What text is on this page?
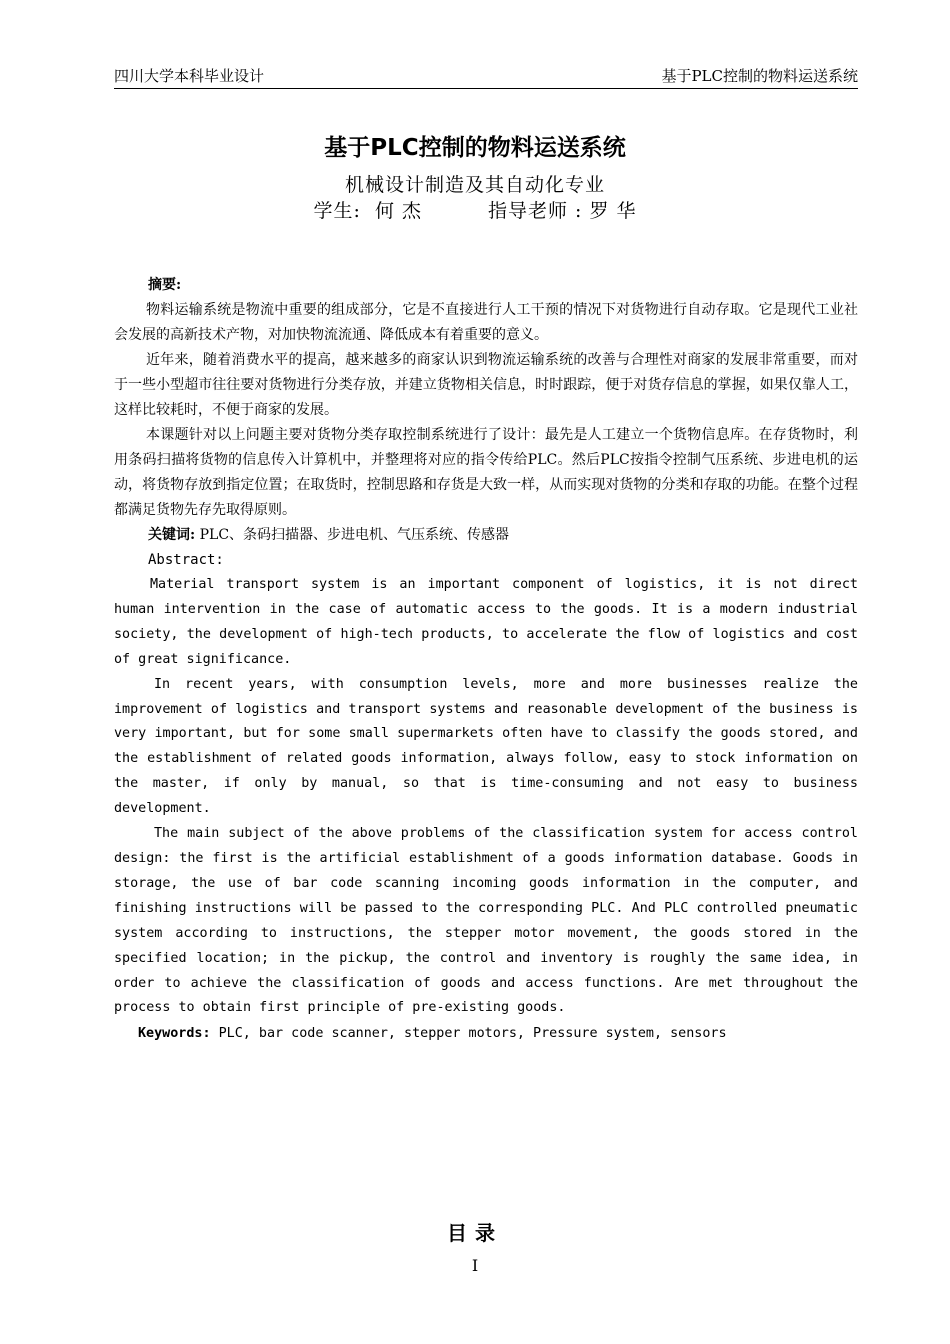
四川大学本科毕业设计	基于PLC控制的物料运送系统
基于PLC控制的物料运送系统
机械设计制造及其自动化专业
学生: 何 杰	指导老师 : 罗 华
摘要:

物料运输系统是物流中重要的组成部分，它是不直接进行人工干预的情况下对货物进行自动存取。它是现代工业社会发展的高新技术产物，对加快物流流通、降低成本有着重要的意义。

近年来，随着消费水平的提高，越来越多的商家认识到物流运输系统的改善与合理性对商家的发展非常重要，而对于一些小型超市往往要对货物进行分类存放，并建立货物相关信息，时时跟踪，便于对货存信息的掌握，如果仅靠人工，这样比较耗时，不便于商家的发展。

本课题针对以上问题主要对货物分类存取控制系统进行了设计：最先是人工建立一个货物信息库。在存货物时，利用条码扫描将货物的信息传入计算机中，并整理将对应的指令传给PLC。然后PLC按指令控制气压系统、步进电机的运动，将货物存放到指定位置；在取货时，控制思路和存货是大致一样，从而实现对货物的分类和存取的功能。在整个过程都满足货物先存先取得原则。

关键词: PLC、条码扫描器、步进电机、气压系统、传感器
Abstract:

Material transport system is an important component of logistics, it is not direct human intervention in the case of automatic access to the goods. It is a modern industrial society, the development of high-tech products, to accelerate the flow of logistics and cost of great significance.

In recent years, with consumption levels, more and more businesses realize the improvement of logistics and transport systems and reasonable development of the business is very important, but for some small supermarkets often have to classify the goods stored, and the establishment of related goods information, always follow, easy to stock information on the master, if only by manual, so that is time-consuming and not easy to business development.

The main subject of the above problems of the classification system for access control design: the first is the artificial establishment of a goods information database. Goods in storage, the use of bar code scanning incoming goods information in the computer, and finishing instructions will be passed to the corresponding PLC. And PLC controlled pneumatic system according to instructions, the stepper motor movement, the goods stored in the specified location; in the pickup, the control and inventory is roughly the same idea, in order to achieve the classification of goods and access functions. Are met throughout the process to obtain first principle of pre-existing goods.

Keywords: PLC, bar code scanner, stepper motors, Pressure system, sensors
目录
I
